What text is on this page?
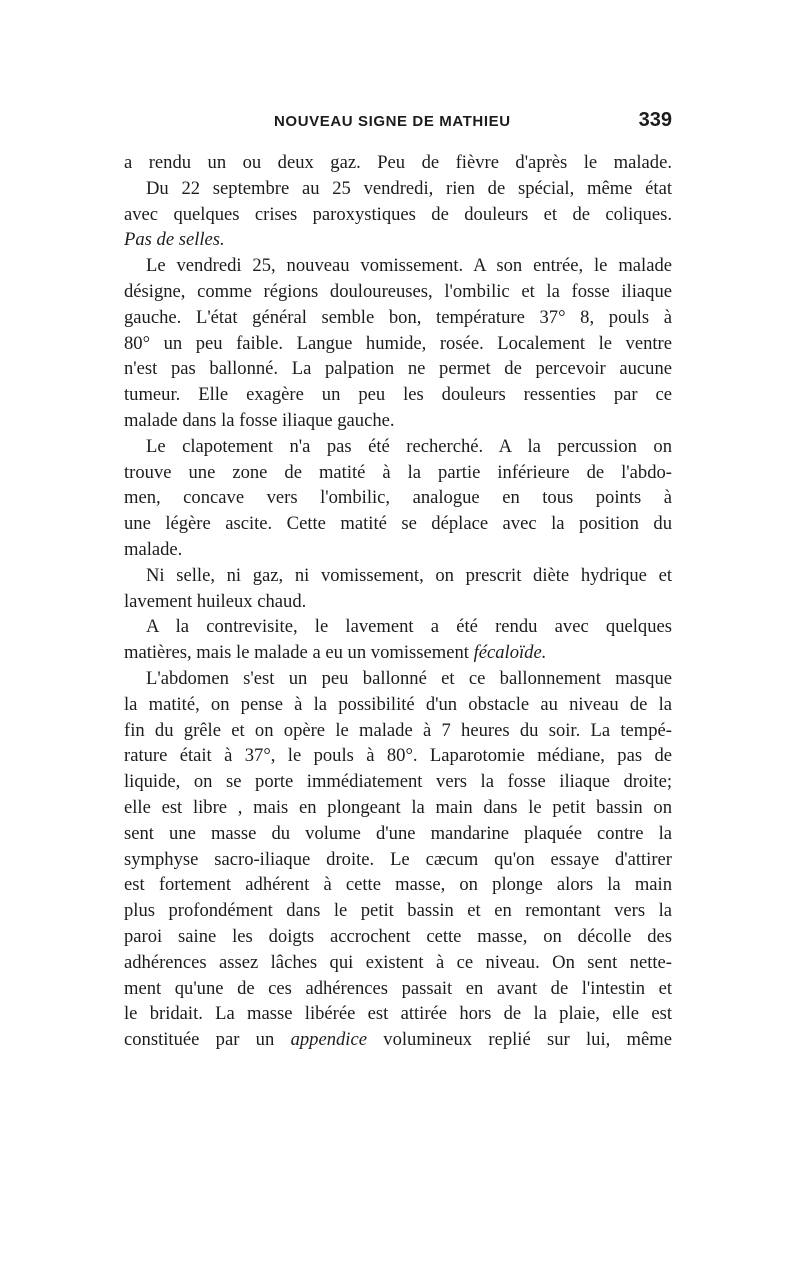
NOUVEAU SIGNE DE MATHIEU	339
a rendu un ou deux gaz. Peu de fièvre d'après le malade.
Du 22 septembre au 25 vendredi, rien de spécial, même état
avec quelques crises paroxystiques de douleurs et de coliques.
Pas de selles.
Le vendredi 25, nouveau vomissement. A son entrée, le malade
désigne, comme régions douloureuses, l'ombilic et la fosse iliaque
gauche. L'état général semble bon, température 37° 8, pouls à
80° un peu faible. Langue humide, rosée. Localement le ventre
n'est pas ballonné. La palpation ne permet de percevoir aucune
tumeur. Elle exagère un peu les douleurs ressenties par ce
malade dans la fosse iliaque gauche.
Le clapotement n'a pas été recherché. A la percussion on
trouve une zone de matité à la partie inférieure de l'abdo-
men, concave vers l'ombilic, analogue en tous points à
une légère ascite. Cette matité se déplace avec la position du
malade.
Ni selle, ni gaz, ni vomissement, on prescrit diète hydrique et
lavement huileux chaud.
A la contrevisite, le lavement a été rendu avec quelques
matières, mais le malade a eu un vomissement fécaloïde.
L'abdomen s'est un peu ballonné et ce ballonnement masque
la matité, on pense à la possibilité d'un obstacle au niveau de la
fin du grêle et on opère le malade à 7 heures du soir. La tempé-
rature était à 37°, le pouls à 80°. Laparotomie médiane, pas de
liquide, on se porte immédiatement vers la fosse iliaque droite;
elle est libre , mais en plongeant la main dans le petit bassin on
sent une masse du volume d'une mandarine plaquée contre la
symphyse sacro-iliaque droite. Le cæcum qu'on essaye d'attirer
est fortement adhérent à cette masse, on plonge alors la main
plus profondément dans le petit bassin et en remontant vers la
paroi saine les doigts accrochent cette masse, on décolle des
adhérences assez lâches qui existent à ce niveau. On sent nette-
ment qu'une de ces adhérences passait en avant de l'intestin et
le bridait. La masse libérée est attirée hors de la plaie, elle est
constituée par un appendice volumineux replié sur lui, même
